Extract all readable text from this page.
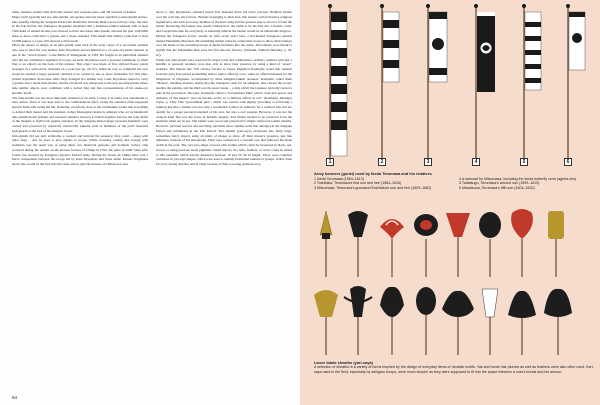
items, lanterns, leather tufts and balls, armour and weapons parts, and 3D versions of kamon.

Major lords typically had two uma-jirushi, one greater and one lesser standard (o-uma-jirushi and ko-uma-jirushi). During the Sengoku Period the distinction between them was not always crisp, but later in the Edo Period, the Tokugawa shogunate stipulated that a hatamoto-ranked samurai with at least 1300 koku of annual income was allowed to have one lesser uma-jirushi, whereas his peer with 6000 koku or more could have a greater and a lesser standard. This meant that daimyo (who had at least 10,000 koku p.a.) were still allowed to have both.

Often the choice of design of an uma-jirushi went back to the early career of a successful samurai who rose to have his own banner. Kato Kiyomasa proved himself as a 21-year-old junior samurai as one of the "Seven Spears" to the Battle of Shizugatake in 1583. He fought as an individual samurai who did not command a regiment of troops. As such, Kiyomasa wore a personal sashimono (a small flag or an object) on the back of his armour. This object was made of five stylized flower petals arranged in a semi-circle, mounted on a pole (see pp. 66–67). When he rose to command his own troops he needed a larger personal standard to be carried by one or more attendants. For this uma-jirushi, Kiyomasa chose nine white flags arranged in a similar way. Later, Kiyomasa started to carry a greater and a lesser uma-jirushi, and the old motif was transposed to his new ko-uma-jirushi where nine similar objects were combined with a nobori flag and fore representations of his snake-eye heraldic motif.

The uma-jirushi was the most important standard of an army. Losing it in battle was tantamount to utter defeat. Since it was kept next to the commander-in-chief, losing the standard often happened hand in hand with losing his life. Naturally, everybody close to the commander would risk everything to defend their master and his standard. Zohyo Monogatari instructs ashigaru who act as hatamochi uma-jirushi mochi (banner and personal standard bearers) to bunch together and use the long shafts of the insignia to fight back against attackers. In the Sengoku Period major personal standards were carried and protected by especially trustworthy samurai such as members of the lord's mounted bodyguards or the best of his ashigaru troops.

Uma-jirushi did not only symbolize a warlord and indicate his presence; they could – along with other flags – also be used to give signals to troops. While lowering, raising and waving with standards was the usual way of using them, two historical episodes add dramatic variety. One occurred during the assault on the Korean fortress of Chinju in 1593, the other in 1600 when Gifu Castle was stormed by Tokugawa Ieyasu's Eastern army. During the attack on Chinju there was a fierce competition between the troops led by Kato Kiyomasa and those under Kuroda Nagamasa about who would be the first into the castle and so gain the honour of ichiban-nori (see

above p. 46). Kiyomasa's standard bearer Iida Kakubei threw his lord's precious Nichiren banner over the wall into the fortress. Besides belonging to their lord, this banner carried massive religious significance and each and every member of the Kato army felt the greatest urge to recover it from the inside. Retrieving the banner also meant ichiban-nori, the claim to be the first into a hostile castle, and it upped the ante for everybody as returning without the banner would be an unbearable disgrace.

During the Tokugawa forces' assault on Gifu seven years later, a hot-headed Tokugawa general named Fukushima Masanori did something similar when he ordered his troops to throw their banners over the heads of the preceding troops of Ikeda Terumasa into the castle. The banners were meant to signify that the Fukushima men were the first into the fortress. (Turnbull, Samurai Heraldry, p. 32, 61).

While real uma-jirushi were reserved for major lords and commanders, ordinary samurai with just a handful of personal retainers were also able to show their presence by using a kind of "ersatz" standard. The famous late 17th century traveler to Japan, Engelbert Kaempfer, noted that samurai from the early Edo period (something akin to junior officers) were, when on official missions for the Magistrate of Nagasaki, accompanied by three ashigaru-ranked retainers. Kaempfer called them "Monen", meaning abusive, noting that the Tokugawa term for an ashigaru. One carried the sword, another the sandals, and the third was the spear bearer – a duty which the Japanese typically carried a pike in the procession. The pike. Kaempfer called a "Government Pike" which "exercises power and authority of this master" once he became active as "a military officer in war" (Kaempfer, Heutiges Japan, p. 239). This "government pike", which was carried with dignity preceding or following a samurai just like a banner was not only a ceremonial symbol of authority for a samurai who did not qualify for a proper personal standard of his own, but also a real weapon. However, it was not the weapon itself that was the focus of heraldic display. Yari blades needed to be protected from the elements when not in use. The blades were wood and protected by simple reinforced leather sheaths. However, pictorial sources and surviving specimen show another trend that emerged in the Sengoku Period and culminated in the Edo Period: Yari sheaths (yari-saya) developed into fairly large, sometimes fancy objects using all kinds of shapes to show off their master's presence, just like miniature versions of 3D uma-jirushi. Their saya consisted of a wooden core that followed the blade width in the pole. The yari-saya shape covered with leather which could be lacquered in black, red, brown, or using precious metal pigments. Small objects, fur, tufts, feathers, or crests could be added to this ensemble which usually measured between 10 and 50 cm in height. There were countless variations in yari-saya shapes, which were used to identify individual samurai or groups, visible from far away during marches and in camp because of their towering positions atop

64
1	2	3	4	5	6
Army banners (gunki) used by Ikeda Terumasa and his relatives
1 Ikeda Terumasa (1564–1613)	4 a samurai for Mitsumasa, including the Ikeda butterfly crest (ageha-cho).
2 Toshitaka, Terumasa's first son and heir (1584–1616)	5 Tadatsugu, Terumasa's second son (1599–1615)
3 Mitsumasa, Terumasa's grandson/Toshitaka's son and heir (1609–1682)	6 Masatsuna, Terumasa's fifth son (1604–1632)
Lance blade sheaths (yari-saya)
A selection of sheaths in a variety of forms inspired by the design of everyday items or heraldic motifs. Yak and horse hair plumes as well as feathers were also often used. Kari-saya used in the field, especially by ashigaru troops, were much simpler as they were supposed to fit into the space between a man's breast and his armour.
